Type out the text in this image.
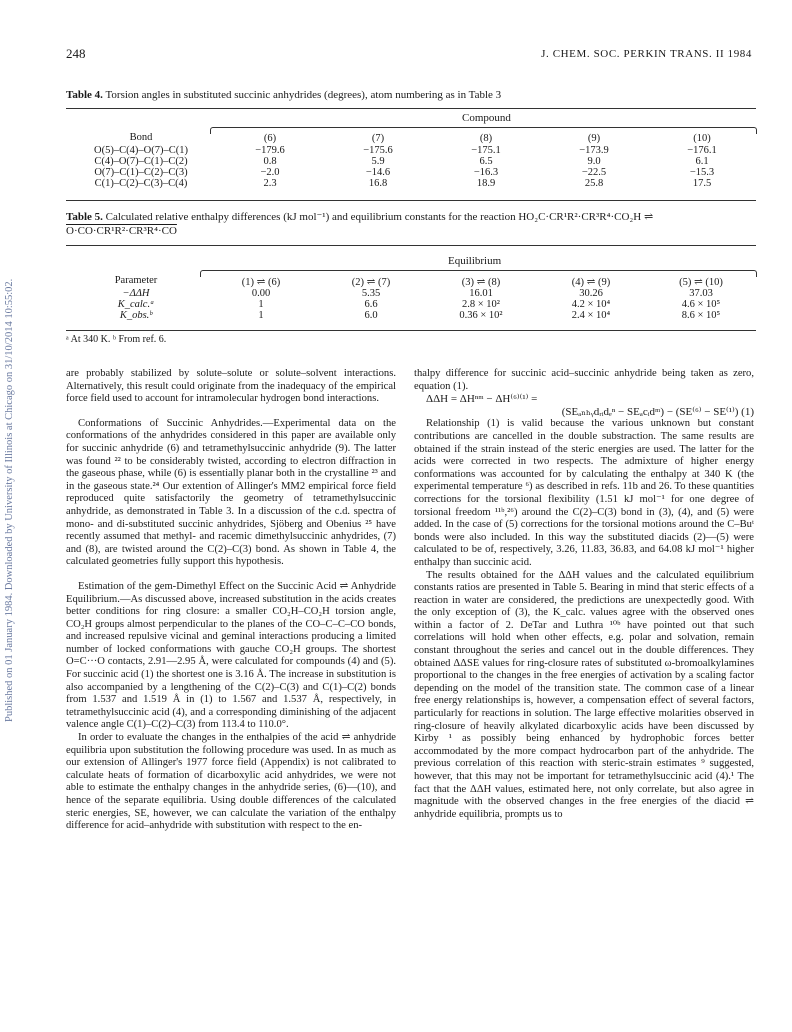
Published on 01 January 1984. Downloaded by University of Illinois at Chicago on 31/10/2014 10:55:02.
248	J. CHEM. SOC. PERKIN TRANS. II 1984
Table 4. Torsion angles in substituted succinic anhydrides (degrees), atom numbering as in Table 3
Compound
Bond	(6)	(7)	(8)	(9)	(10)
O(5)–C(4)–O(7)–C(1)	−179.6	−175.6	−175.1	−173.9	−176.1
C(4)–O(7)–C(1)–C(2)	0.8	5.9	6.5	9.0	6.1
O(7)–C(1)–C(2)–C(3)	−2.0	−14.6	−16.3	−22.5	−15.3
C(1)–C(2)–C(3)–C(4)	2.3	16.8	18.9	25.8	17.5
Table 5. Calculated relative enthalpy differences (kJ mol⁻¹) and equilibrium constants for the reaction HO₂C·CR¹R²·CR³R⁴·CO₂H ⇌
O·CO·CR¹R²·CR³R⁴·CO
Equilibrium
Parameter	(1) ⇌ (6)	(2) ⇌ (7)	(3) ⇌ (8)	(4) ⇌ (9)	(5) ⇌ (10)
−ΔΔH	0.00	5.35	16.01	30.26	37.03
K_calc.ᵃ	1	6.6	2.8 × 10²	4.2 × 10⁴	4.6 × 10⁵
K_obs.ᵇ	1	6.0	0.36 × 10²	2.4 × 10⁴	8.6 × 10⁵
ᵃ At 340 K. ᵇ From ref. 6.

are probably stabilized by solute–solute or solute–solvent interactions. Alternatively, this result could originate from the inadequacy of the empirical force field used to account for intramolecular hydrogen bond interactions.

Conformations of Succinic Anhydrides.—Experimental data on the conformations of the anhydrides considered in this paper are available only for succinic anhydride (6) and tetramethylsuccinic anhydride (9). The latter was found ²² to be considerably twisted, according to electron diffraction in the gaseous phase, while (6) is essentially planar both in the crystalline ²³ and in the gaseous state.²⁴ Our extention of Allinger's MM2 empirical force field reproduced quite satisfactorily the geometry of tetramethylsuccinic anhydride, as demonstrated in Table 3. In a discussion of the c.d. spectra of mono- and di-substituted succinic anhydrides, Sjöberg and Obenius ²⁵ have recently assumed that methyl- and racemic dimethylsuccinic anhydrides, (7) and (8), are twisted around the C(2)–C(3) bond. As shown in Table 4, the calculated geometries fully support this hypothesis.

Estimation of the gem-Dimethyl Effect on the Succinic Acid ⇌ Anhydride Equilibrium.—As discussed above, increased substitution in the acids creates better conditions for ring closure: a smaller CO₂H–CO₂H torsion angle, CO₂H groups almost perpendicular to the planes of the CO–C–C–CO bonds, and increased repulsive vicinal and geminal interactions producing a limited number of locked conformations with gauche CO₂H groups. The shortest O=C···O contacts, 2.91—2.95 Å, were calculated for compounds (4) and (5). For succinic acid (1) the shortest one is 3.16 Å. The increase in substitution is also accompanied by a lengthening of the C(2)–C(3) and C(1)–C(2) bonds from 1.537 and 1.519 Å in (1) to 1.567 and 1.537 Å, respectively, in tetramethylsuccinic acid (4), and a corresponding diminishing of the adjacent valence angle C(1)–C(2)–C(3) from 113.4 to 110.0°.

In order to evaluate the changes in the enthalpies of the acid ⇌ anhydride equilibria upon substitution the following procedure was used. In as much as our extension of Allinger's 1977 force field (Appendix) is not calibrated to calculate heats of formation of dicarboxylic acid anhydrides, we were not able to estimate the enthalpy changes in the anhydride series, (6)—(10), and hence of the separate equilibria. Using double differences of the calculated steric energies, SE, however, we can calculate the variation of the enthalpy difference for acid–anhydride with substitution with respect to the en-

thalpy difference for succinic acid–succinic anhydride being taken as zero, equation (1).

ΔΔH = ΔHⁿᵐ − ΔH⁽⁶⁾⁽¹⁾ =

(SEₐₙₕᵧdᵣᵢdₑⁿ − SEₐcᵢdᵐ) − (SE⁽⁶⁾ − SE⁽¹⁾) (1)

Relationship (1) is valid because the various unknown but constant contributions are cancelled in the double substraction. The same results are obtained if the strain instead of the steric energies are used. The latter for the acids were corrected in two respects. The admixture of higher energy conformations was accounted for by calculating the enthalpy at 340 K (the experimental temperature ⁶) as described in refs. 11b and 26. To these quantities corrections for the torsional flexibility (1.51 kJ mol⁻¹ for one degree of torsional freedom ¹¹ᵇ,²⁶) around the C(2)–C(3) bond in (3), (4), and (5) were added. In the case of (5) corrections for the torsional motions around the C–Buᵗ bonds were also included. In this way the substituted diacids (2)—(5) were calculated to be of, respectively, 3.26, 11.83, 36.83, and 64.08 kJ mol⁻¹ higher enthalpy than succinic acid.

The results obtained for the ΔΔH values and the calculated equilibrium constants ratios are presented in Table 5. Bearing in mind that steric effects of a reaction in water are considered, the predictions are unexpectedly good. With the only exception of (3), the K_calc. values agree with the observed ones within a factor of 2. DeTar and Luthra ¹⁰ᵇ have pointed out that such correlations will hold when other effects, e.g. polar and solvation, remain constant throughout the series and cancel out in the double differences. They obtained ΔΔSE values for ring-closure rates of substituted ω-bromoalkylamines proportional to the changes in the free energies of activation by a scaling factor depending on the model of the transition state. The common case of a linear free energy relationships is, however, a compensation effect of several factors, particularly for reactions in solution. The large effective molarities observed in ring-closure of heavily alkylated dicarboxylic acids have been discussed by Kirby ¹ as possibly being enhanced by hydrophobic forces better accommodated by the more compact hydrocarbon part of the anhydride. The previous correlation of this reaction with steric-strain estimates ⁹ suggested, however, that this may not be important for tetramethylsuccinic acid (4).¹ The fact that the ΔΔH values, estimated here, not only correlate, but also agree in magnitude with the observed changes in the free energies of the diacid ⇌ anhydride equilibria, prompts us to
